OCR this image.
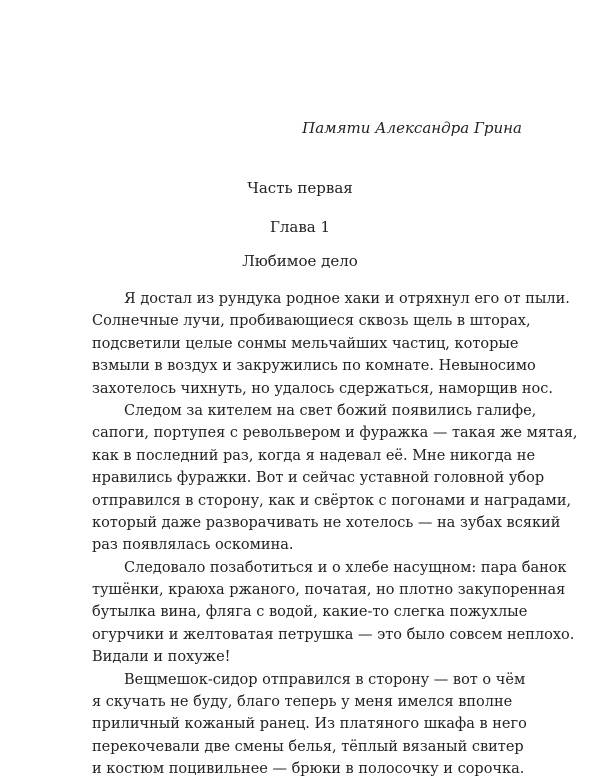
Памяти Александра Грина
Часть первая
Глава 1
Любимое дело

Я достал из рундука родное хаки и отряхнул его от пыли.
Солнечные лучи, пробивающиеся сквозь щель в шторах,
подсветили целые сонмы мельчайших частиц, которые
взмыли в воздух и закружились по комнате. Невыносимо
захотелось чихнуть, но удалось сдержаться, наморщив нос.

Следом за кителем на свет божий появились галифе,
сапоги, портупея с револьвером и фуражка — такая же мятая,
как в последний раз, когда я надевал её. Мне никогда не
нравились фуражки. Вот и сейчас уставной головной убор
отправился в сторону, как и свёрток с погонами и наградами,
который даже разворачивать не хотелось — на зубах всякий
раз появлялась оскомина.

Следовало позаботиться и о хлебе насущном: пара банок
тушёнки, краюха ржаного, початая, но плотно закупоренная
бутылка вина, фляга с водой, какие-то слегка пожухлые
огурчики и желтоватая петрушка — это было совсем неплохо.
Видали и похуже!

Вещмешок-сидор отправился в сторону — вот о чём
я скучать не буду, благо теперь у меня имелся вполне
приличный кожаный ранец. Из платяного шкафа в него
перекочевали две смены белья, тёплый вязаный свитер
и костюм поцивильнее — брюки в полосочку и сорочка.
